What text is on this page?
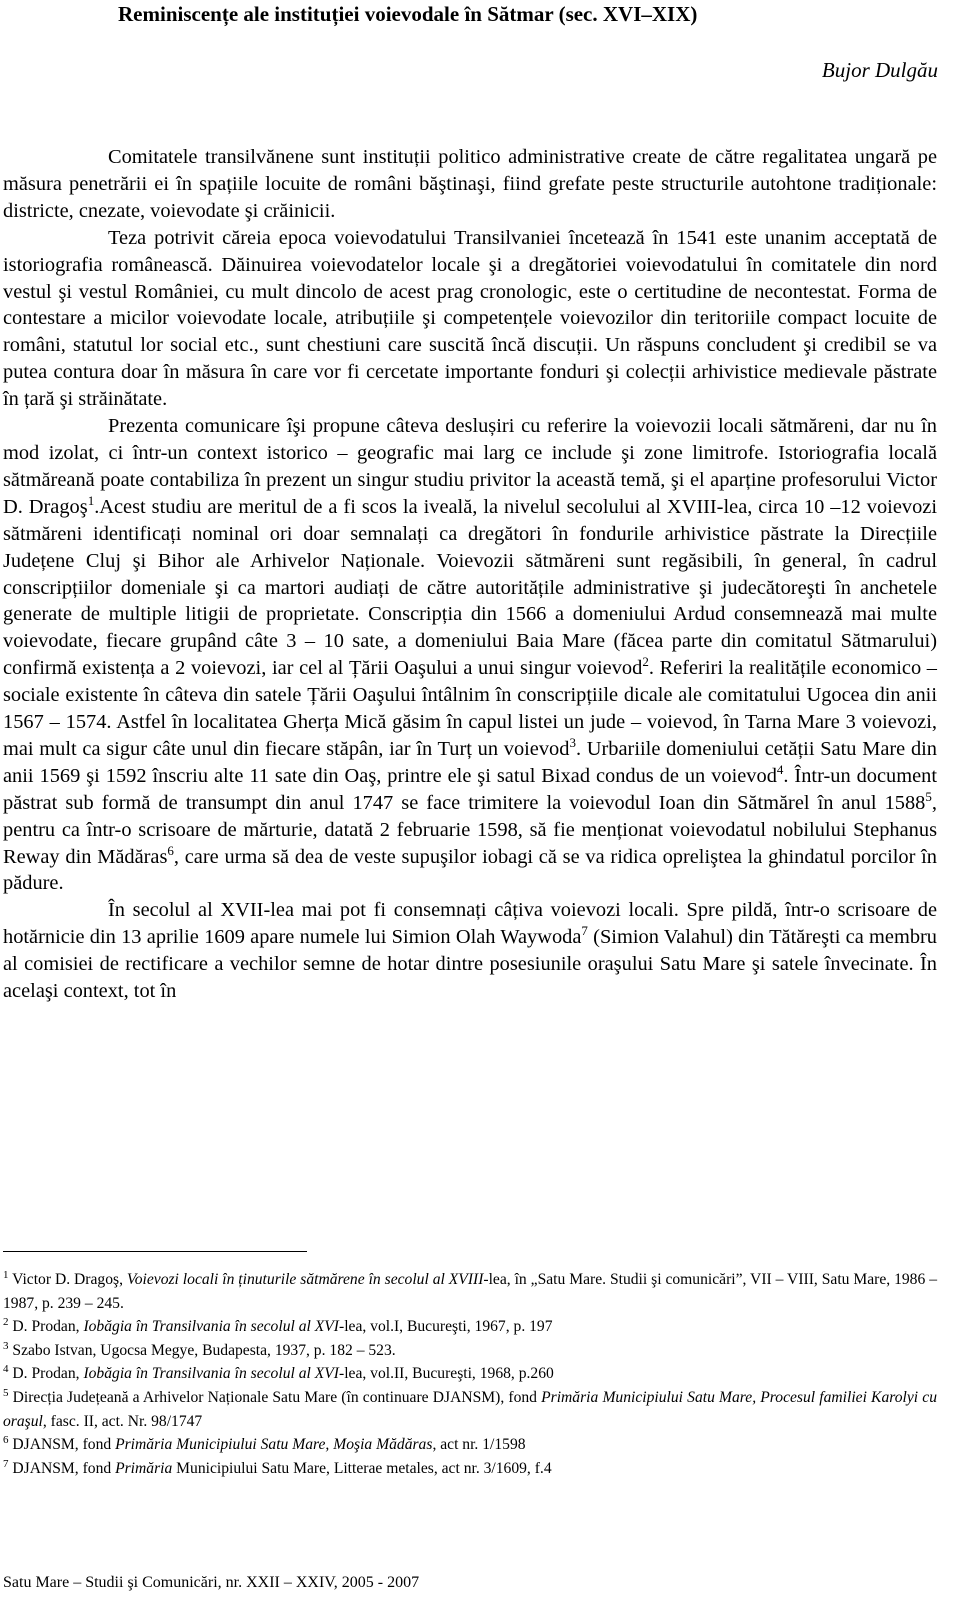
Reminiscențe ale instituției voievodale în Sătmar (sec. XVI–XIX)
Bujor Dulgău

Comitatele transilvănene sunt instituții politico administrative create de către regalitatea ungară pe măsura penetrării ei în spațiile locuite de români băştinaşi, fiind grefate peste structurile autohtone tradiționale: districte, cnezate, voievodate şi crăinicii.

Teza potrivit căreia epoca voievodatului Transilvaniei încetează în 1541 este unanim acceptată de istoriografia românească. Dăinuirea voievodatelor locale şi a dregătoriei voievodatului în comitatele din nord vestul şi vestul României, cu mult dincolo de acest prag cronologic, este o certitudine de necontestat. Forma de contestare a micilor voievodate locale, atribuțiile şi competențele voievozilor din teritoriile compact locuite de români, statutul lor social etc., sunt chestiuni care suscită încă discuții. Un răspuns concludent şi credibil se va putea contura doar în măsura în care vor fi cercetate importante fonduri şi colecții arhivistice medievale păstrate în țară şi străinătate.

Prezenta comunicare îşi propune câteva deslușiri cu referire la voievozii locali sătmăreni, dar nu în mod izolat, ci într-un context istorico – geografic mai larg ce include şi zone limitrofe. Istoriografia locală sătmăreană poate contabiliza în prezent un singur studiu privitor la această temă, şi el aparține profesorului Victor D. Dragoş$^1$.Acest studiu are meritul de a fi scos la iveală, la nivelul secolului al XVIII-lea, circa 10 –12 voievozi sătmăreni identificați nominal ori doar semnalați ca dregători în fondurile arhivistice păstrate la Direcțiile Județene Cluj şi Bihor ale Arhivelor Naționale. Voievozii sătmăreni sunt regăsibili, în general, în cadrul conscripțiilor domeniale şi ca martori audiați de către autoritățile administrative şi judecătoreşti în anchetele generate de multiple litigii de proprietate. Conscripția din 1566 a domeniului Ardud consemnează mai multe voievodate, fiecare grupând câte 3 – 10 sate, a domeniului Baia Mare (făcea parte din comitatul Sătmarului) confirmă existența a 2 voievozi, iar cel al Țării Oaşului a unui singur voievod$^2$. Referiri la realitățile economico – sociale existente în câteva din satele Țării Oaşului întâlnim în conscripțiile dicale ale comitatului Ugocea din anii 1567 – 1574. Astfel în localitatea Gherța Mică găsim în capul listei un jude – voievod, în Tarna Mare 3 voievozi, mai mult ca sigur câte unul din fiecare stăpân, iar în Turț un voievod$^3$. Urbariile domeniului cetății Satu Mare din anii 1569 şi 1592 înscriu alte 11 sate din Oaş, printre ele şi satul Bixad condus de un voievod$^4$. Într-un document păstrat sub formă de transumpt din anul 1747 se face trimitere la voievodul Ioan din Sătmărel în anul 1588$^5$, pentru ca într-o scrisoare de mărturie, datată 2 februarie 1598, să fie menționat voievodatul nobilului Stephanus Reway din Mădăras$^6$, care urma să dea de veste supuşilor iobagi că se va ridica oprelişteа la ghindatul porcilor în pădure.

În secolul al XVII-lea mai pot fi consemnați câțiva voievozi locali. Spre pildă, într-o scrisoare de hotărnicie din 13 aprilie 1609 apare numele lui Simion Olah Waywoda$^7$ (Simion Valahul) din Tătăreşti ca membru al comisiei de rectificare a vechilor semne de hotar dintre posesiunile oraşului Satu Mare şi satele învecinate. În acelaşi context, tot în

$^1$ Victor D. Dragoş, Voievozi locali în ținuturile sătmărene în secolul al XVIII-lea, în „Satu Mare. Studii şi comunicări”, VII – VIII, Satu Mare, 1986 – 1987, p. 239 – 245.

$^2$ D. Prodan, Iobăgia în Transilvania în secolul al XVI-lea, vol.I, Bucureşti, 1967, p. 197

$^3$ Szabo Istvan, Ugocsa Megye, Budapesta, 1937, p. 182 – 523.

$^4$ D. Prodan, Iobăgia în Transilvania în secolul al XVI-lea, vol.II, Bucureşti, 1968, p.260

$^5$ Direcția Județeană a Arhivelor Naționale Satu Mare (în continuare DJANSM), fond Primăria Municipiului Satu Mare, Procesul familiei Karolyi cu oraşul, fasc. II, act. Nr. 98/1747

$^6$ DJANSM, fond Primăria Municipiului Satu Mare, Moşia Mădăras, act nr. 1/1598

$^7$ DJANSM, fond Primăria Municipiului Satu Mare, Litterae metales, act nr. 3/1609, f.4

Satu Mare – Studii şi Comunicări, nr. XXII – XXIV, 2005 - 2007
